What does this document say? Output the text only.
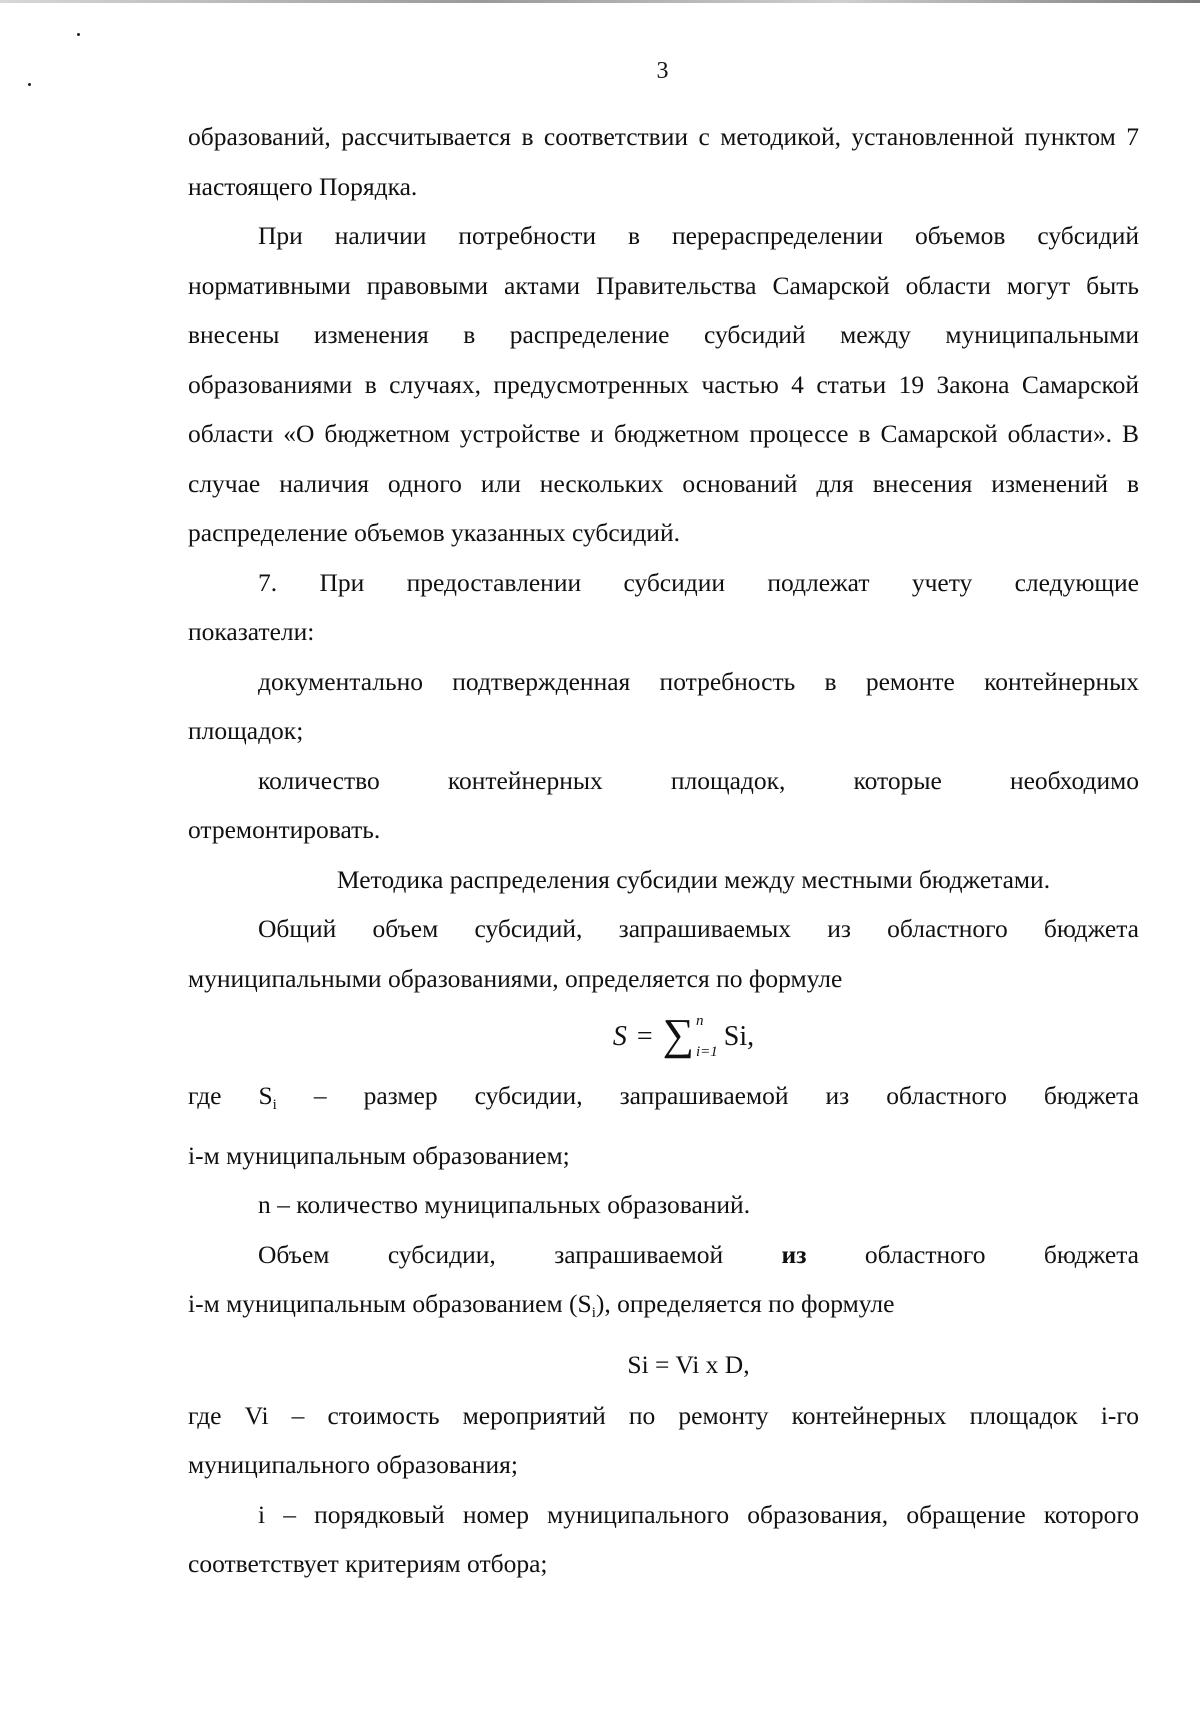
3

образований, рассчитывается в соответствии с методикой, установленной пунктом 7 настоящего Порядка.

При наличии потребности в перераспределении объемов субсидий нормативными правовыми актами Правительства Самарской области могут быть внесены изменения в распределение субсидий между муниципальными образованиями в случаях, предусмотренных частью 4 статьи 19 Закона Самарской области «О бюджетном устройстве и бюджетном процессе в Самарской области». В случае наличия одного или нескольких оснований для внесения изменений в распределение объемов указанных субсидий.

7. При предоставлении субсидии подлежат учету следующие

показатели:

документально подтвержденная потребность в ремонте контейнерных площадок;

количество	контейнерных	площадок,	которые	необходимо

отремонтировать.

Методика распределения субсидии между местными бюджетами.

Общий объем субсидий, запрашиваемых из областного бюджета муниципальными образованиями, определяется по формуле

S = ∑ n
i=1 Si,
где $S_i$ – размер субсидии, запрашиваемой из областного бюджета

i-м муниципальным образованием;

n – количество муниципальных образований.

Объем субсидии, запрашиваемой из областного бюджета

i-м муниципальным образованием $(S_i)$, определяется по формуле

Si = Vi x D,

где Vi – стоимость мероприятий по ремонту контейнерных площадок i-го муниципального образования;

i – порядковый номер муниципального образования, обращение которого соответствует критериям отбора;
